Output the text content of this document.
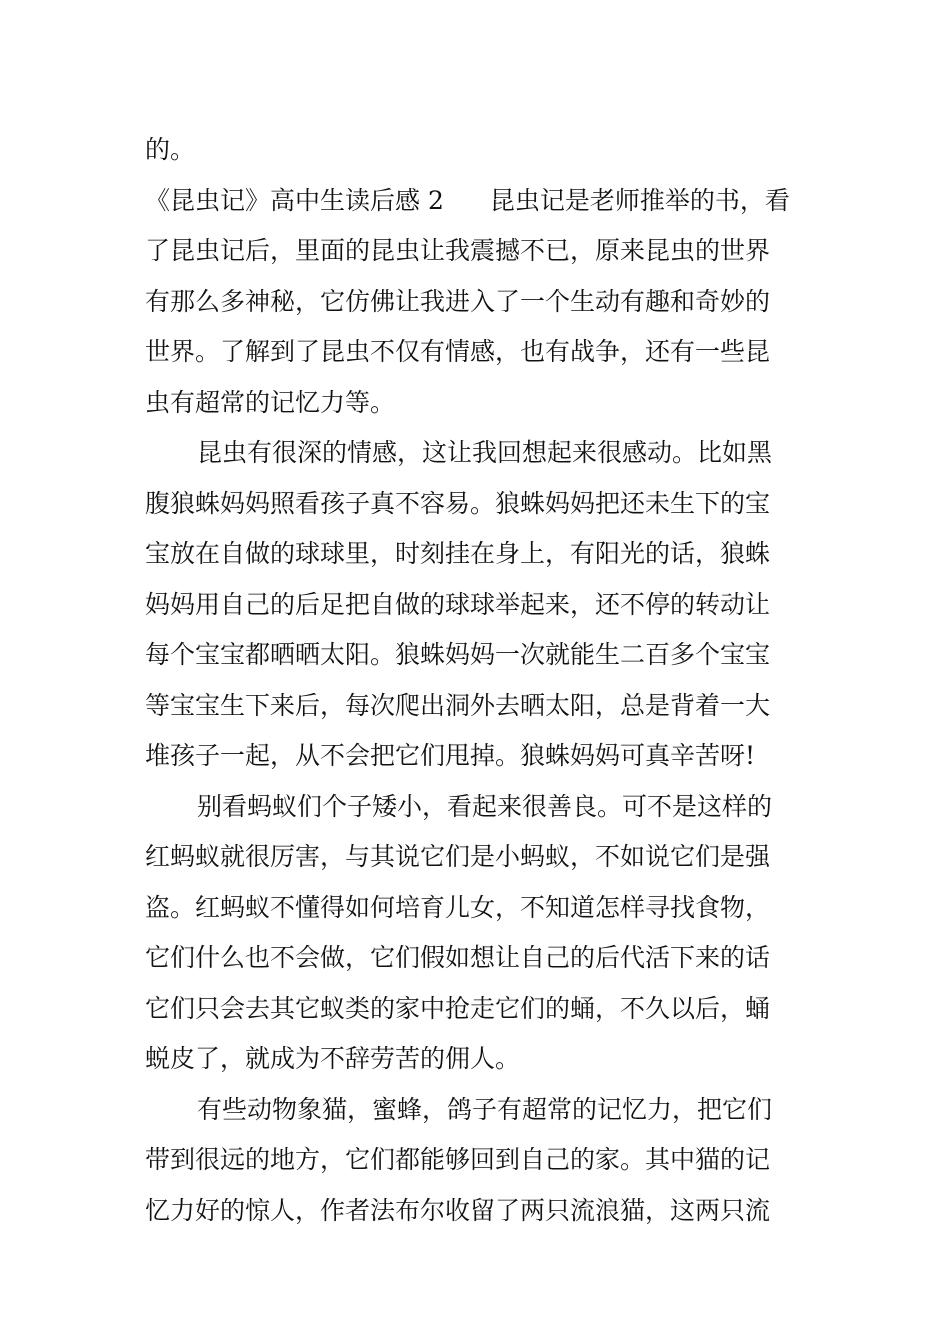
的。
《昆虫记》高中生读后感 2 昆虫记是老师推举的书，看
了昆虫记后，里面的昆虫让我震撼不已，原来昆虫的世界
有那么多神秘，它仿佛让我进入了一个生动有趣和奇妙的
世界。了解到了昆虫不仅有情感，也有战争，还有一些昆
虫有超常的记忆力等。
昆虫有很深的情感，这让我回想起来很感动。比如黑
腹狼蛛妈妈照看孩子真不容易。狼蛛妈妈把还未生下的宝
宝放在自做的球球里，时刻挂在身上，有阳光的话，狼蛛
妈妈用自己的后足把自做的球球举起来，还不停的转动让
每个宝宝都晒晒太阳。狼蛛妈妈一次就能生二百多个宝宝
等宝宝生下来后，每次爬出洞外去晒太阳，总是背着一大
堆孩子一起，从不会把它们甩掉。狼蛛妈妈可真辛苦呀!
别看蚂蚁们个子矮小，看起来很善良。可不是这样的
红蚂蚁就很厉害，与其说它们是小蚂蚁，不如说它们是强
盗。红蚂蚁不懂得如何培育儿女，不知道怎样寻找食物，
它们什么也不会做，它们假如想让自己的后代活下来的话
它们只会去其它蚁类的家中抢走它们的蛹，不久以后，蛹
蜕皮了，就成为不辞劳苦的佣人。
有些动物象猫，蜜蜂，鸽子有超常的记忆力，把它们
带到很远的地方，它们都能够回到自己的家。其中猫的记
忆力好的惊人，作者法布尔收留了两只流浪猫，这两只流
